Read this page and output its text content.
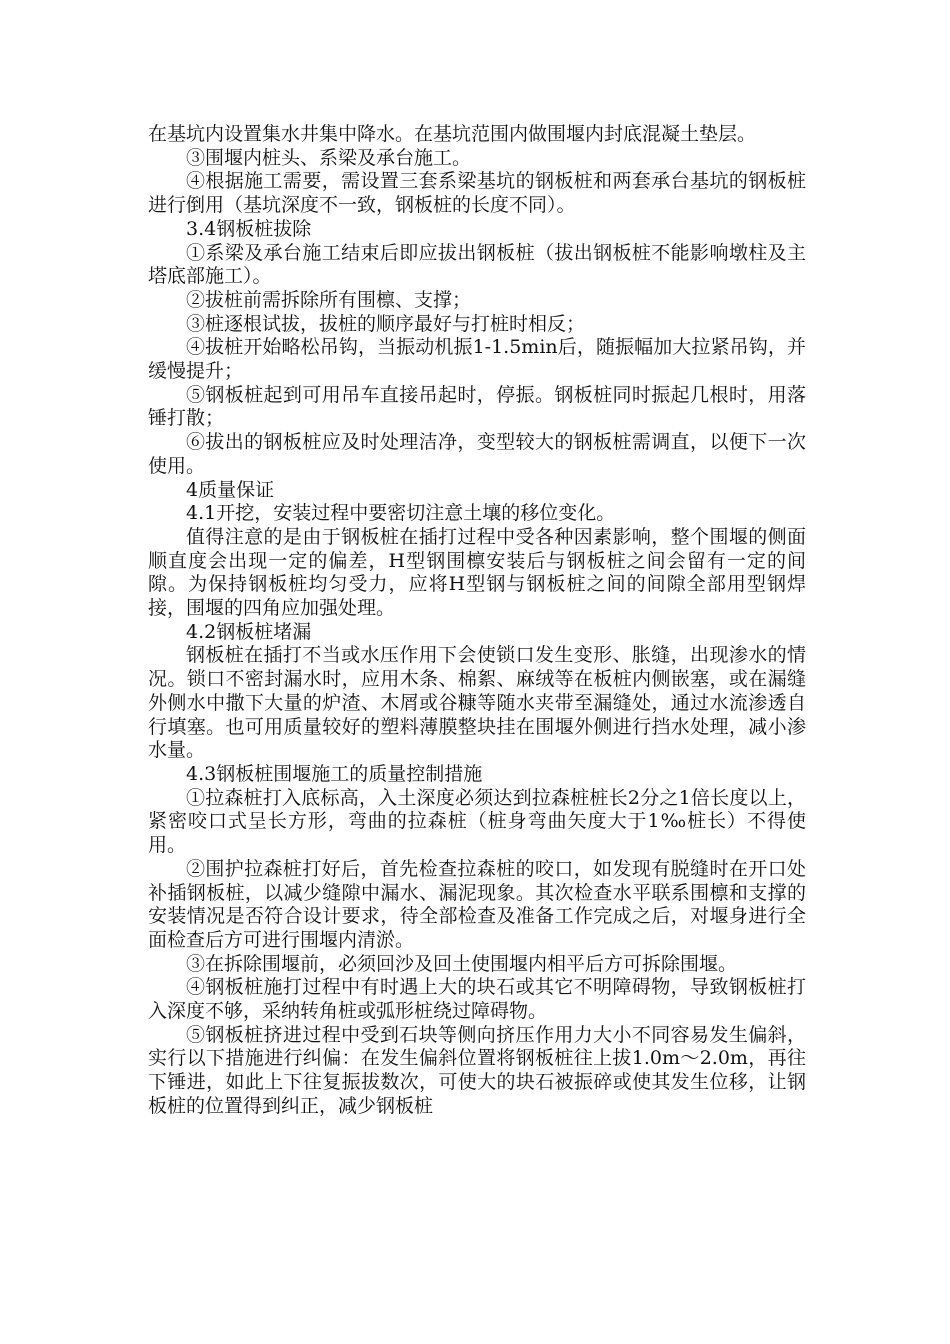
在基坑内设置集水井集中降水。在基坑范围内做围堰内封底混凝土垫层。

③围堰内桩头、系梁及承台施工。

④根据施工需要，需设置三套系梁基坑的钢板桩和两套承台基坑的钢板桩进行倒用（基坑深度不一致，钢板桩的长度不同）。

3.4钢板桩拔除

①系梁及承台施工结束后即应拔出钢板桩（拔出钢板桩不能影响墩柱及主塔底部施工）。

②拔桩前需拆除所有围檩、支撑；

③桩逐根试拔，拔桩的顺序最好与打桩时相反；

④拔桩开始略松吊钩，当振动机振1-1.5min后，随振幅加大拉紧吊钩，并缓慢提升；

⑤钢板桩起到可用吊车直接吊起时，停振。钢板桩同时振起几根时，用落锤打散；

⑥拔出的钢板桩应及时处理洁净，变型较大的钢板桩需调直，以便下一次使用。

4质量保证

4.1开挖，安装过程中要密切注意土壤的移位变化。

值得注意的是由于钢板桩在插打过程中受各种因素影响，整个围堰的侧面顺直度会出现一定的偏差，H型钢围檩安装后与钢板桩之间会留有一定的间隙。为保持钢板桩均匀受力，应将H型钢与钢板桩之间的间隙全部用型钢焊接，围堰的四角应加强处理。

4.2钢板桩堵漏

钢板桩在插打不当或水压作用下会使锁口发生变形、胀缝，出现渗水的情况。锁口不密封漏水时，应用木条、棉絮、麻绒等在板桩内侧嵌塞，或在漏缝外侧水中撒下大量的炉渣、木屑或谷糠等随水夹带至漏缝处，通过水流渗透自行填塞。也可用质量较好的塑料薄膜整块挂在围堰外侧进行挡水处理，减小渗水量。

4.3钢板桩围堰施工的质量控制措施

①拉森桩打入底标高，入土深度必须达到拉森桩桩长2分之1倍长度以上，紧密咬口式呈长方形，弯曲的拉森桩（桩身弯曲矢度大于1‰桩长）不得使用。

②围护拉森桩打好后，首先检查拉森桩的咬口，如发现有脱缝时在开口处补插钢板桩，以减少缝隙中漏水、漏泥现象。其次检查水平联系围檩和支撑的安装情况是否符合设计要求，待全部检查及准备工作完成之后，对堰身进行全面检查后方可进行围堰内清淤。

③在拆除围堰前，必须回沙及回土使围堰内相平后方可拆除围堰。

④钢板桩施打过程中有时遇上大的块石或其它不明障碍物，导致钢板桩打入深度不够，采纳转角桩或弧形桩绕过障碍物。

⑤钢板桩挤进过程中受到石块等侧向挤压作用力大小不同容易发生偏斜，实行以下措施进行纠偏：在发生偏斜位置将钢板桩往上拔1.0m～2.0m，再往下锤进，如此上下往复振拔数次，可使大的块石被振碎或使其发生位移，让钢板桩的位置得到纠正，减少钢板桩
